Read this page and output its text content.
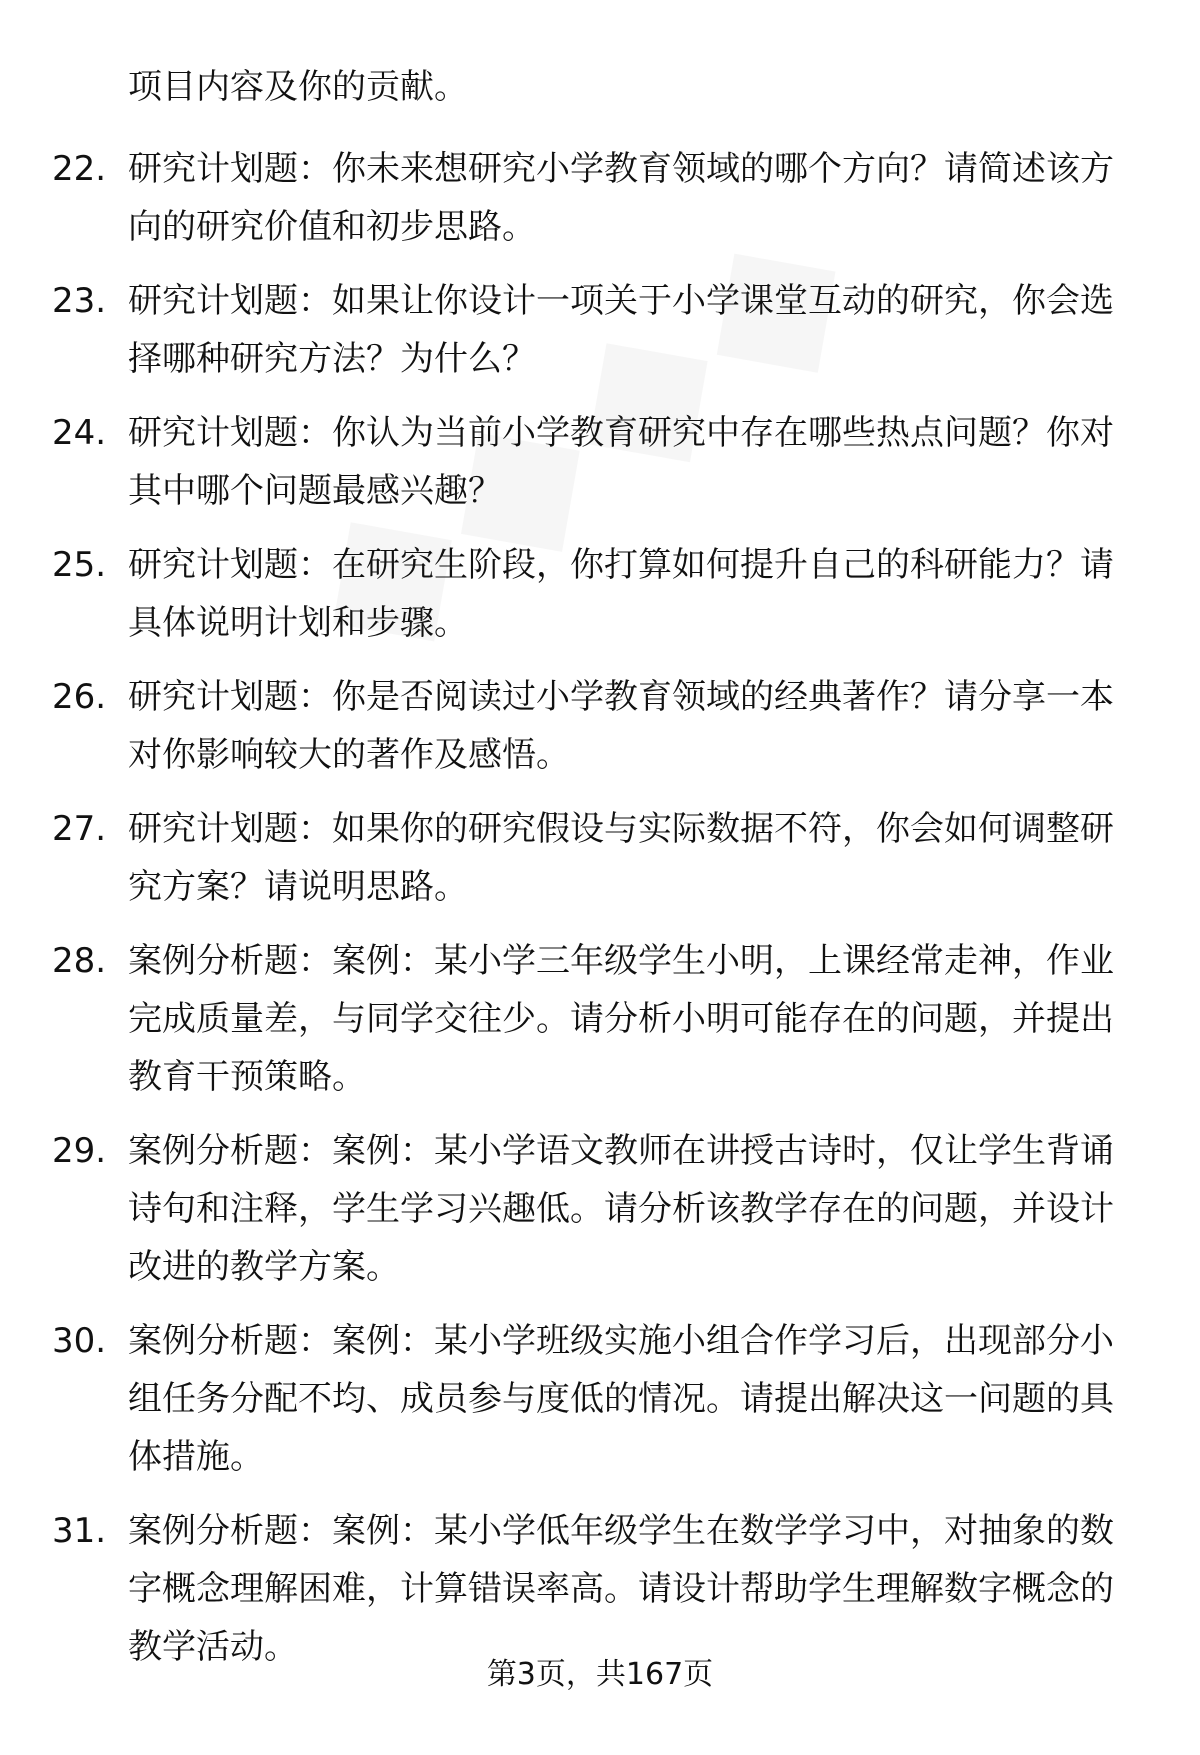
项目内容及你的贡献。

22. 研究计划题：你未来想研究小学教育领域的哪个方向？请简述该方向的研究价值和初步思路。
23. 研究计划题：如果让你设计一项关于小学课堂互动的研究，你会选择哪种研究方法？为什么？
24. 研究计划题：你认为当前小学教育研究中存在哪些热点问题？你对其中哪个问题最感兴趣？
25. 研究计划题：在研究生阶段，你打算如何提升自己的科研能力？请具体说明计划和步骤。
26. 研究计划题：你是否阅读过小学教育领域的经典著作？请分享一本对你影响较大的著作及感悟。
27. 研究计划题：如果你的研究假设与实际数据不符，你会如何调整研究方案？请说明思路。
28. 案例分析题：案例：某小学三年级学生小明，上课经常走神，作业完成质量差，与同学交往少。请分析小明可能存在的问题，并提出教育干预策略。
29. 案例分析题：案例：某小学语文教师在讲授古诗时，仅让学生背诵诗句和注释，学生学习兴趣低。请分析该教学存在的问题，并设计改进的教学方案。
30. 案例分析题：案例：某小学班级实施小组合作学习后，出现部分小组任务分配不均、成员参与度低的情况。请提出解决这一问题的具体措施。
31. 案例分析题：案例：某小学低年级学生在数学学习中，对抽象的数字概念理解困难，计算错误率高。请设计帮助学生理解数字概念的教学活动。
第3页，共167页
